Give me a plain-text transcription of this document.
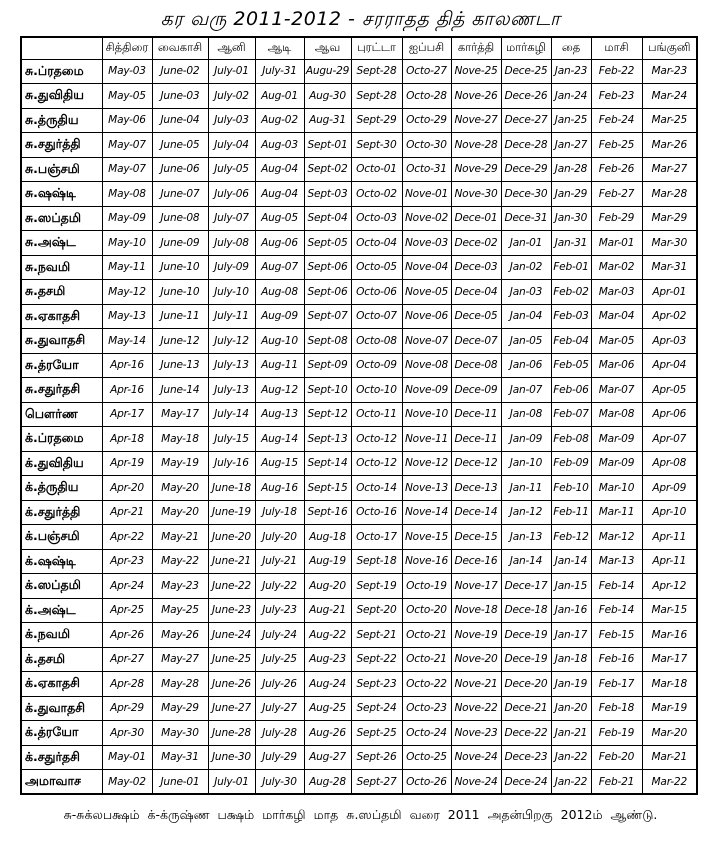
கர வரு 2011-2012 - சரராதத தித் காலணடா
	சித்திரை	வைகாசி	ஆனி	ஆடி	ஆவ	புரட்டா	ஐப்பசி	கார்த்தி	மார்கழி	தை	மாசி	பங்குனி
சு.ப்ரதமை	May-03	June-02	July-01	July-31	Augu-29	Sept-28	Octo-27	Nove-25	Dece-25	Jan-23	Feb-22	Mar-23
சு.துவிதிய	May-05	June-03	July-02	Aug-01	Aug-30	Sept-28	Octo-28	Nove-26	Dece-26	Jan-24	Feb-23	Mar-24
சு.த்ருதிய	May-06	June-04	July-03	Aug-02	Aug-31	Sept-29	Octo-29	Nove-27	Dece-27	Jan-25	Feb-24	Mar-25
சு.சதுர்த்தி	May-07	June-05	July-04	Aug-03	Sept-01	Sept-30	Octo-30	Nove-28	Dece-28	Jan-27	Feb-25	Mar-26
சு.பஞ்சமி	May-07	June-06	July-05	Aug-04	Sept-02	Octo-01	Octo-31	Nove-29	Dece-29	Jan-28	Feb-26	Mar-27
சு.ஷஷ்டி	May-08	June-07	July-06	Aug-04	Sept-03	Octo-02	Nove-01	Nove-30	Dece-30	Jan-29	Feb-27	Mar-28
சு.ஸப்தமி	May-09	June-08	July-07	Aug-05	Sept-04	Octo-03	Nove-02	Dece-01	Dece-31	Jan-30	Feb-29	Mar-29
சு.அஷ்ட	May-10	June-09	July-08	Aug-06	Sept-05	Octo-04	Nove-03	Dece-02	Jan-01	Jan-31	Mar-01	Mar-30
சு.நவமி	May-11	June-10	July-09	Aug-07	Sept-06	Octo-05	Nove-04	Dece-03	Jan-02	Feb-01	Mar-02	Mar-31
சு.தசமி	May-12	June-10	July-10	Aug-08	Sept-06	Octo-06	Nove-05	Dece-04	Jan-03	Feb-02	Mar-03	Apr-01
சு.ஏகாதசி	May-13	June-11	July-11	Aug-09	Sept-07	Octo-07	Nove-06	Dece-05	Jan-04	Feb-03	Mar-04	Apr-02
சு.துவாதசி	May-14	June-12	July-12	Aug-10	Sept-08	Octo-08	Nove-07	Dece-07	Jan-05	Feb-04	Mar-05	Apr-03
சு.த்ரயோ	Apr-16	June-13	July-13	Aug-11	Sept-09	Octo-09	Nove-08	Dece-08	Jan-06	Feb-05	Mar-06	Apr-04
சு.சதுர்தசி	Apr-16	June-14	July-13	Aug-12	Sept-10	Octo-10	Nove-09	Dece-09	Jan-07	Feb-06	Mar-07	Apr-05
பௌர்ண	Apr-17	May-17	July-14	Aug-13	Sept-12	Octo-11	Nove-10	Dece-11	Jan-08	Feb-07	Mar-08	Apr-06
க்.ப்ரதமை	Apr-18	May-18	July-15	Aug-14	Sept-13	Octo-12	Nove-11	Dece-11	Jan-09	Feb-08	Mar-09	Apr-07
க்.துவிதிய	Apr-19	May-19	July-16	Aug-15	Sept-14	Octo-12	Nove-12	Dece-12	Jan-10	Feb-09	Mar-09	Apr-08
க்.த்ருதிய	Apr-20	May-20	June-18	Aug-16	Sept-15	Octo-14	Nove-13	Dece-13	Jan-11	Feb-10	Mar-10	Apr-09
க்.சதுர்த்தி	Apr-21	May-20	June-19	July-18	Sept-16	Octo-16	Nove-14	Dece-14	Jan-12	Feb-11	Mar-11	Apr-10
க்.பஞ்சமி	Apr-22	May-21	June-20	July-20	Aug-18	Octo-17	Nove-15	Dece-15	Jan-13	Feb-12	Mar-12	Apr-11
க்.ஷஷ்டி	Apr-23	May-22	June-21	July-21	Aug-19	Sept-18	Nove-16	Dece-16	Jan-14	Jan-14	Mar-13	Apr-11
க்.ஸப்தமி	Apr-24	May-23	June-22	July-22	Aug-20	Sept-19	Octo-19	Nove-17	Dece-17	Jan-15	Feb-14	Apr-12
க்.அஷ்ட	Apr-25	May-25	June-23	July-23	Aug-21	Sept-20	Octo-20	Nove-18	Dece-18	Jan-16	Feb-14	Mar-15
க்.நவமி	Apr-26	May-26	June-24	July-24	Aug-22	Sept-21	Octo-21	Nove-19	Dece-19	Jan-17	Feb-15	Mar-16
க்.தசமி	Apr-27	May-27	June-25	July-25	Aug-23	Sept-22	Octo-21	Nove-20	Dece-19	Jan-18	Feb-16	Mar-17
க்.ஏகாதசி	Apr-28	May-28	June-26	July-26	Aug-24	Sept-23	Octo-22	Nove-21	Dece-20	Jan-19	Feb-17	Mar-18
க்.துவாதசி	Apr-29	May-29	June-27	July-27	Aug-25	Sept-24	Octo-23	Nove-22	Dece-21	Jan-20	Feb-18	Mar-19
க்.த்ரயோ	Apr-30	May-30	June-28	July-28	Aug-26	Sept-25	Octo-24	Nove-23	Dece-22	Jan-21	Feb-19	Mar-20
க்.சதுர்தசி	May-01	May-31	June-30	July-29	Aug-27	Sept-26	Octo-25	Nove-24	Dece-23	Jan-22	Feb-20	Mar-21
அமாவாச	May-02	June-01	July-01	July-30	Aug-28	Sept-27	Octo-26	Nove-24	Dece-24	Jan-22	Feb-21	Mar-22
சு-சுக்லபக்ஷம் க்-க்ருஷ்ண பக்ஷம் மார்கழி மாத சு.ஸப்தமி வரை 2011 அதன்பிறகு 2012ம் ஆண்டு.
